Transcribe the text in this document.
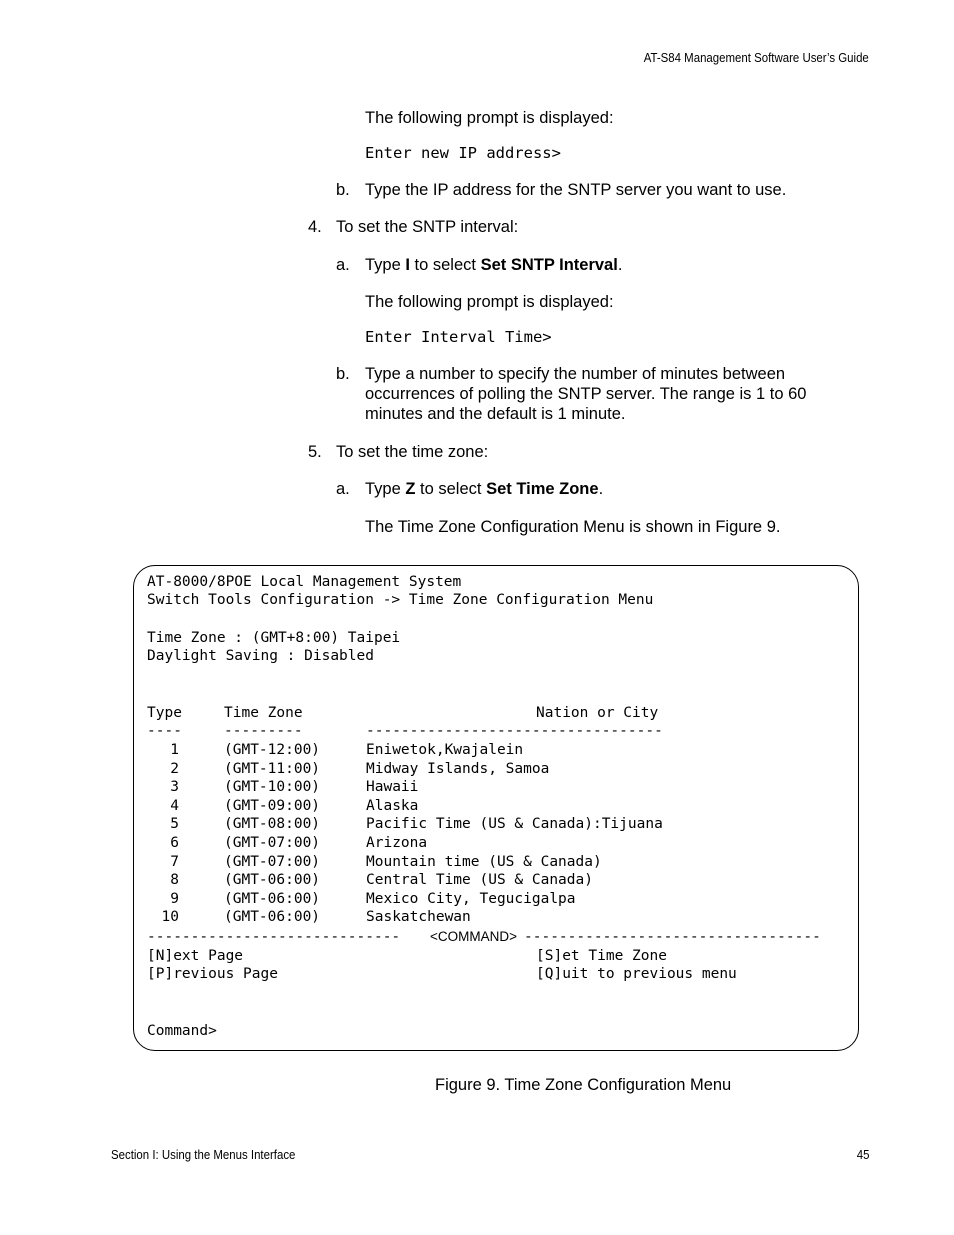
AT-S84 Management Software User’s Guide
The following prompt is displayed:
Enter new IP address>
b. Type the IP address for the SNTP server you want to use.
4. To set the SNTP interval:
a. Type I to select Set SNTP Interval.
The following prompt is displayed:
Enter Interval Time>
b. Type a number to specify the number of minutes between
occurrences of polling the SNTP server. The range is 1 to 60
minutes and the default is 1 minute.
5. To set the time zone:
a. Type Z to select Set Time Zone.
The Time Zone Configuration Menu is shown in Figure 9.
AT-8000/8POE Local Management System
Switch Tools Configuration -> Time Zone Configuration Menu
Time Zone : (GMT+8:00) Taipei
Daylight Saving : Disabled
Type	Time Zone	Nation or City
----	---------	----------------------------------
1	(GMT-12:00)	Eniwetok,Kwajalein
2	(GMT-11:00)	Midway Islands, Samoa
3	(GMT-10:00)	Hawaii
4	(GMT-09:00)	Alaska
5	(GMT-08:00)	Pacific Time (US & Canada):Tijuana
6	(GMT-07:00)	Arizona
7	(GMT-07:00)	Mountain time (US & Canada)
8	(GMT-06:00)	Central Time (US & Canada)
9	(GMT-06:00)	Mexico City, Tegucigalpa
10	(GMT-06:00)	Saskatchewan
----------------------------- <COMMAND> ----------------------------------
[N]ext Page	[S]et Time Zone
[P]revious Page	[Q]uit to previous menu
Command>
Figure 9. Time Zone Configuration Menu
Section I: Using the Menus Interface	45
